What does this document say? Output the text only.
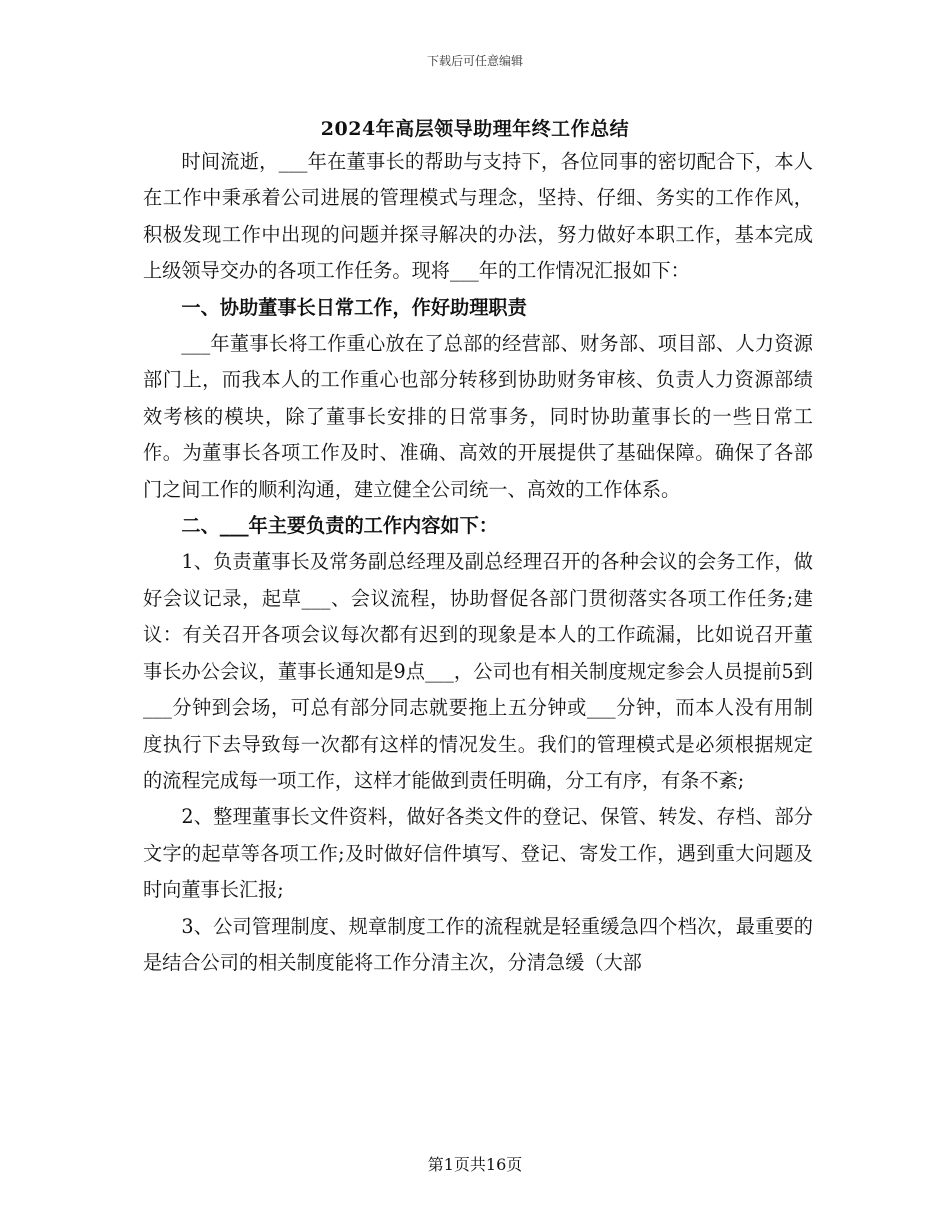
下载后可任意编辑
2024年高层领导助理年终工作总结

时间流逝，___年在董事长的帮助与支持下，各位同事的密切配合下，本人在工作中秉承着公司进展的管理模式与理念，坚持、仔细、务实的工作作风，积极发现工作中出现的问题并探寻解决的办法，努力做好本职工作，基本完成上级领导交办的各项工作任务。现将___年的工作情况汇报如下：

一、协助董事长日常工作，作好助理职责

___年董事长将工作重心放在了总部的经营部、财务部、项目部、人力资源部门上，而我本人的工作重心也部分转移到协助财务审核、负责人力资源部绩效考核的模块，除了董事长安排的日常事务，同时协助董事长的一些日常工作。为董事长各项工作及时、准确、高效的开展提供了基础保障。确保了各部门之间工作的顺利沟通，建立健全公司统一、高效的工作体系。

二、___年主要负责的工作内容如下：

1、负责董事长及常务副总经理及副总经理召开的各种会议的会务工作，做好会议记录，起草___、会议流程，协助督促各部门贯彻落实各项工作任务;建议：有关召开各项会议每次都有迟到的现象是本人的工作疏漏，比如说召开董事长办公会议，董事长通知是9点___，公司也有相关制度规定参会人员提前5到___分钟到会场，可总有部分同志就要拖上五分钟或___分钟，而本人没有用制度执行下去导致每一次都有这样的情况发生。我们的管理模式是必须根据规定的流程完成每一项工作，这样才能做到责任明确，分工有序，有条不紊;

2、整理董事长文件资料，做好各类文件的登记、保管、转发、存档、部分文字的起草等各项工作;及时做好信件填写、登记、寄发工作，遇到重大问题及时向董事长汇报;

3、公司管理制度、规章制度工作的流程就是轻重缓急四个档次，最重要的是结合公司的相关制度能将工作分清主次，分清急缓（大部

第1页共16页
